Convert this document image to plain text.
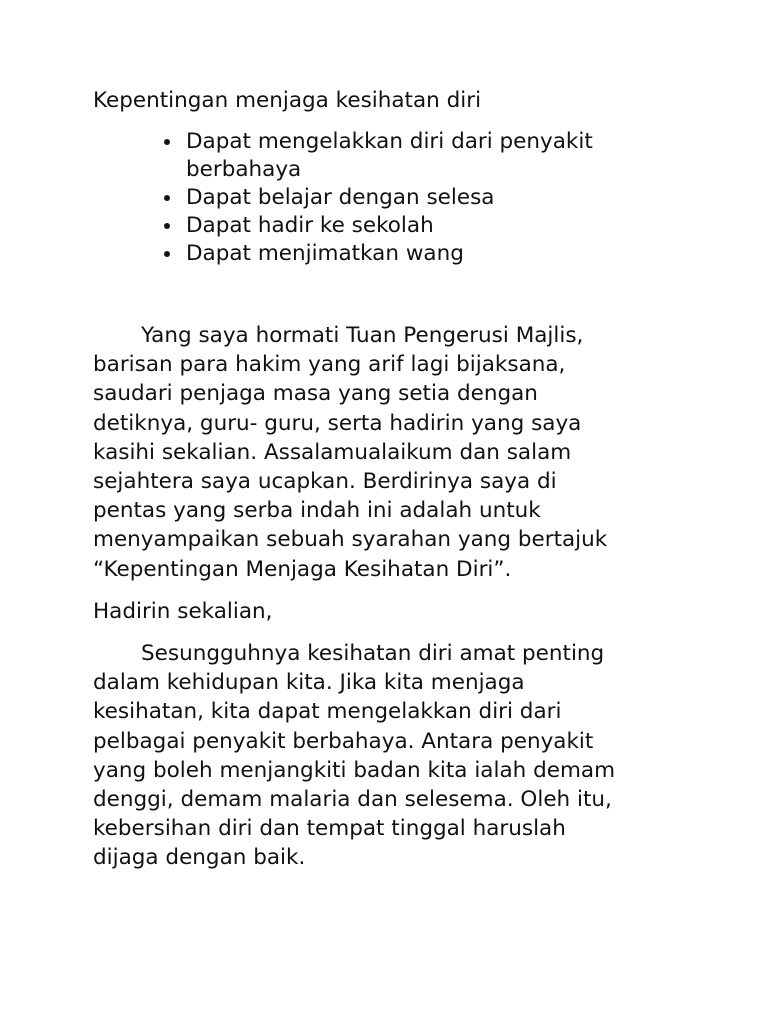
Kepentingan menjaga kesihatan diri
Dapat mengelakkan diri dari penyakit
berbahaya
Dapat belajar dengan selesa
Dapat hadir ke sekolah
Dapat menjimatkan wang

Yang saya hormati Tuan Pengerusi Majlis,
barisan para hakim yang arif lagi bijaksana,
saudari penjaga masa yang setia dengan
detiknya, guru- guru, serta hadirin yang saya
kasihi sekalian. Assalamualaikum dan salam
sejahtera saya ucapkan. Berdirinya saya di
pentas yang serba indah ini adalah untuk
menyampaikan sebuah syarahan yang bertajuk
“Kepentingan Menjaga Kesihatan Diri”.

Hadirin sekalian,

Sesungguhnya kesihatan diri amat penting
dalam kehidupan kita. Jika kita menjaga
kesihatan, kita dapat mengelakkan diri dari
pelbagai penyakit berbahaya. Antara penyakit
yang boleh menjangkiti badan kita ialah demam
denggi, demam malaria dan selesema. Oleh itu,
kebersihan diri dan tempat tinggal haruslah
dijaga dengan baik.
